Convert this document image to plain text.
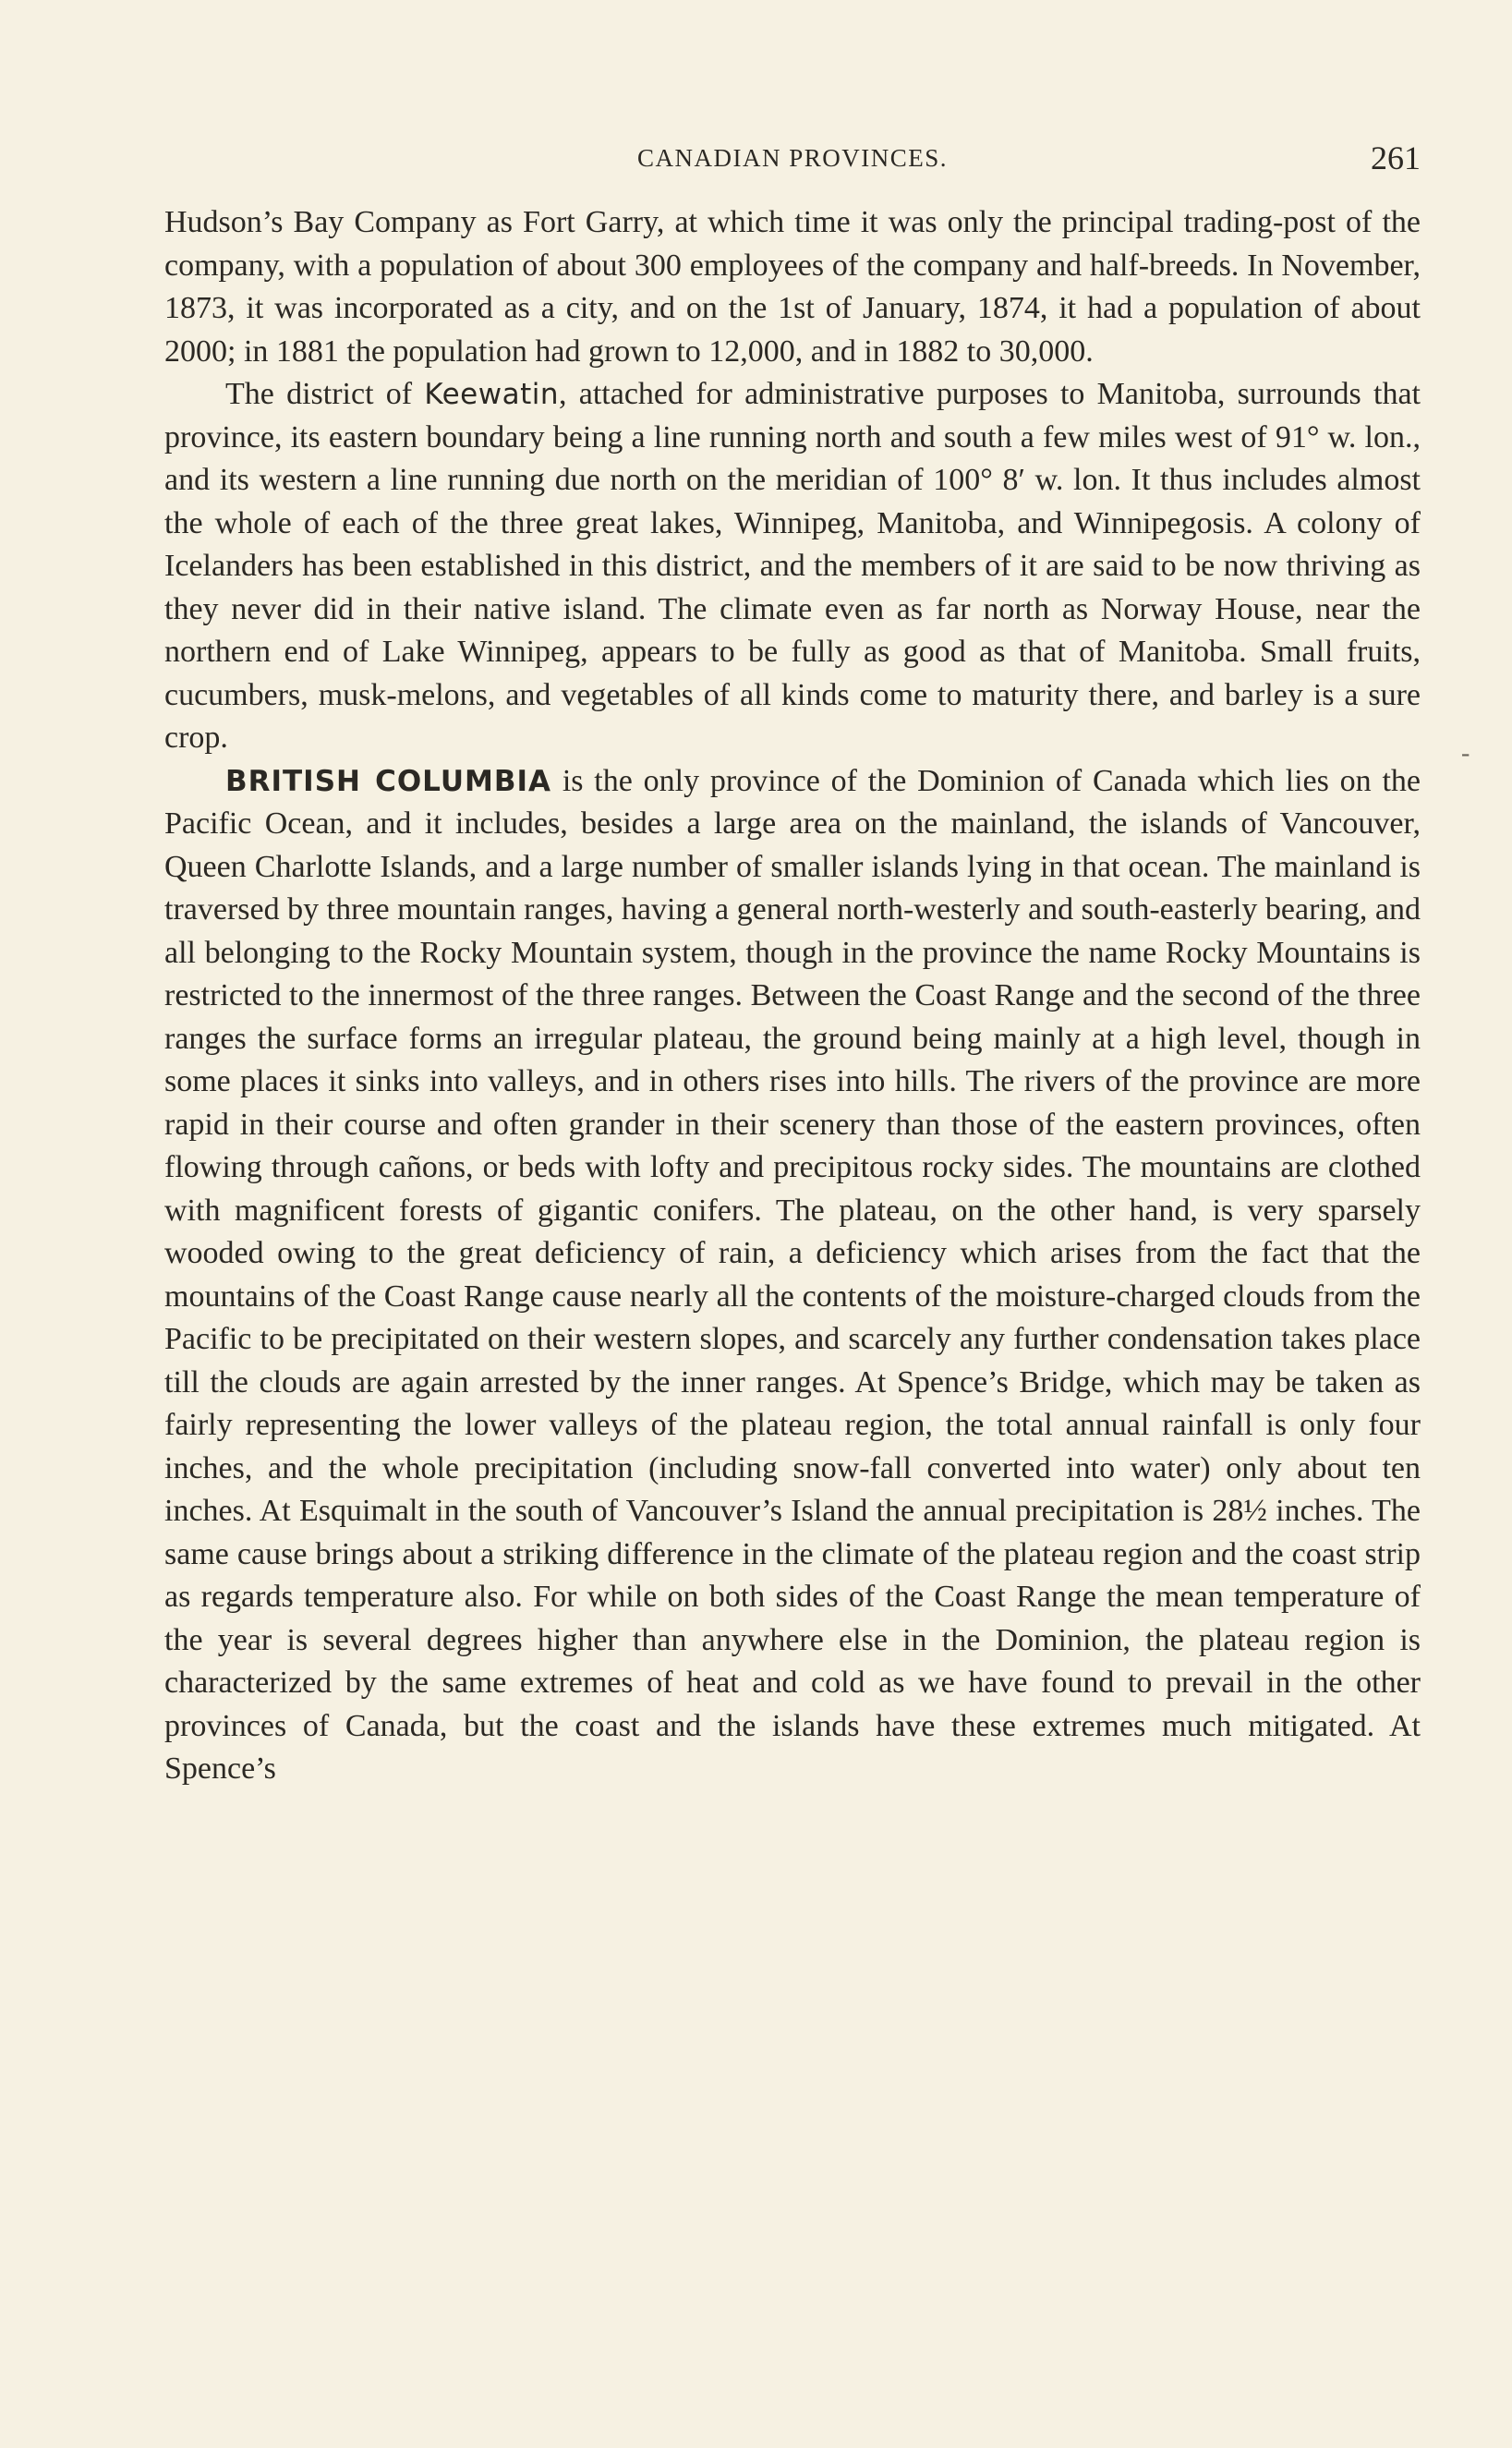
CANADIAN PROVINCES.	261

Hudson’s Bay Company as Fort Garry, at which time it was only the principal trading-post of the company, with a population of about 300 employees of the company and half-breeds. In November, 1873, it was incorporated as a city, and on the 1st of January, 1874, it had a population of about 2000; in 1881 the population had grown to 12,000, and in 1882 to 30,000.

The district of Keewatin, attached for administrative purposes to Manitoba, surrounds that province, its eastern boundary being a line running north and south a few miles west of 91° w. lon., and its western a line running due north on the meridian of 100° 8′ w. lon. It thus includes almost the whole of each of the three great lakes, Winnipeg, Manitoba, and Winnipegosis. A colony of Icelanders has been established in this district, and the members of it are said to be now thriving as they never did in their native island. The climate even as far north as Norway House, near the northern end of Lake Winnipeg, appears to be fully as good as that of Manitoba. Small fruits, cucumbers, musk-melons, and vegetables of all kinds come to maturity there, and barley is a sure crop.

BRITISH COLUMBIA is the only province of the Dominion of Canada which lies on the Pacific Ocean, and it includes, besides a large area on the mainland, the islands of Vancouver, Queen Charlotte Islands, and a large number of smaller islands lying in that ocean. The mainland is traversed by three mountain ranges, having a general north-westerly and south-easterly bearing, and all belonging to the Rocky Mountain system, though in the province the name Rocky Mountains is restricted to the innermost of the three ranges. Between the Coast Range and the second of the three ranges the surface forms an irregular plateau, the ground being mainly at a high level, though in some places it sinks into valleys, and in others rises into hills. The rivers of the province are more rapid in their course and often grander in their scenery than those of the eastern provinces, often flowing through cañons, or beds with lofty and precipitous rocky sides. The mountains are clothed with magnificent forests of gigantic conifers. The plateau, on the other hand, is very sparsely wooded owing to the great deficiency of rain, a deficiency which arises from the fact that the mountains of the Coast Range cause nearly all the contents of the moisture-charged clouds from the Pacific to be precipitated on their western slopes, and scarcely any further condensation takes place till the clouds are again arrested by the inner ranges. At Spence’s Bridge, which may be taken as fairly representing the lower valleys of the plateau region, the total annual rainfall is only four inches, and the whole precipitation (including snow-fall converted into water) only about ten inches. At Esquimalt in the south of Vancouver’s Island the annual precipitation is 28½ inches. The same cause brings about a striking difference in the climate of the plateau region and the coast strip as regards temperature also. For while on both sides of the Coast Range the mean temperature of the year is several degrees higher than anywhere else in the Dominion, the plateau region is characterized by the same extremes of heat and cold as we have found to prevail in the other provinces of Canada, but the coast and the islands have these extremes much mitigated. At Spence’s

-
